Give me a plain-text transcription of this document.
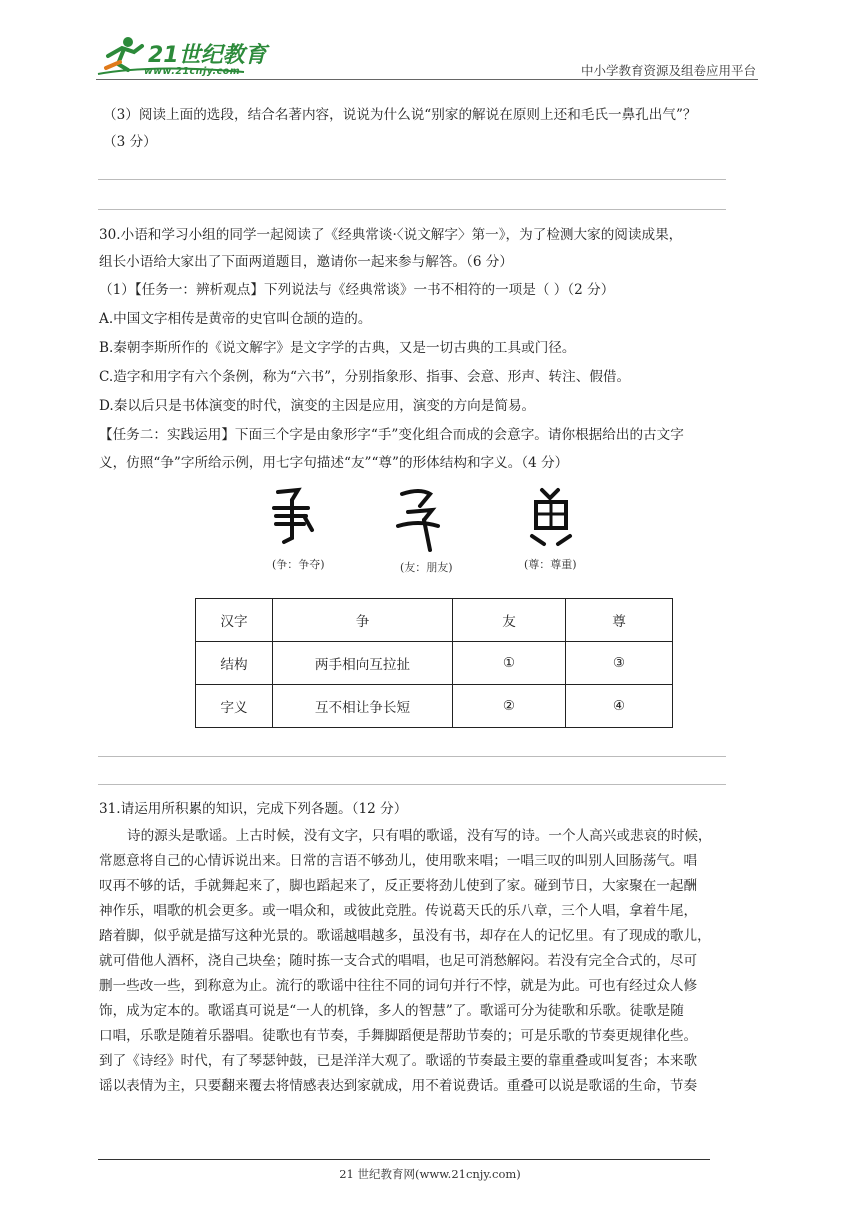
21世纪教育
www.21cnjy.com	中小学教育资源及组卷应用平台
（3）阅读上面的选段，结合名著内容，说说为什么说“别家的解说在原则上还和毛氏一鼻孔出气”？
（3 分）
30.小语和学习小组的同学一起阅读了《经典常谈·〈说文解字〉第一》，为了检测大家的阅读成果，
组长小语给大家出了下面两道题目，邀请你一起来参与解答。（6 分）
（1）【任务一：辨析观点】下列说法与《经典常谈》一书不相符的一项是（ ）（2 分）
A.中国文字相传是黄帝的史官叫仓颉的造的。
B.秦朝李斯所作的《说文解字》是文字学的古典，又是一切古典的工具或门径。
C.造字和用字有六个条例，称为“六书”，分别指象形、指事、会意、形声、转注、假借。
D.秦以后只是书体演变的时代，演变的主因是应用，演变的方向是简易。
【任务二：实践运用】下面三个字是由象形字“手”变化组合而成的会意字。请你根据给出的古文字
义，仿照“争”字所给示例，用七字句描述“友”“尊”的形体结构和字义。（4 分）
(争：争夺)	(友：朋友)	(尊：尊重)
汉字	争	友	尊
结构	两手相向互拉扯	①	③
字义	互不相让争长短	②	④
31.请运用所积累的知识，完成下列各题。（12 分）
诗的源头是歌谣。上古时候，没有文字，只有唱的歌谣，没有写的诗。一个人高兴或悲哀的时候，
常愿意将自己的心情诉说出来。日常的言语不够劲儿，使用歌来唱；一唱三叹的叫别人回肠荡气。唱
叹再不够的话，手就舞起来了，脚也蹈起来了，反正要将劲儿使到了家。碰到节日，大家聚在一起酬
神作乐，唱歌的机会更多。或一唱众和，或彼此竞胜。传说葛天氏的乐八章，三个人唱，拿着牛尾，
踏着脚，似乎就是描写这种光景的。歌谣越唱越多，虽没有书，却存在人的记忆里。有了现成的歌儿，
就可借他人酒杯，浇自己块垒；随时拣一支合式的唱唱，也足可消愁解闷。若没有完全合式的，尽可
删一些改一些，到称意为止。流行的歌谣中往往不同的词句并行不悖，就是为此。可也有经过众人修
饰，成为定本的。歌谣真可说是“一人的机锋，多人的智慧”了。歌谣可分为徒歌和乐歌。徒歌是随
口唱，乐歌是随着乐器唱。徒歌也有节奏，手舞脚蹈便是帮助节奏的；可是乐歌的节奏更规律化些。
到了《诗经》时代，有了琴瑟钟鼓，已是洋洋大观了。歌谣的节奏最主要的靠重叠或叫复沓；本来歌
谣以表情为主，只要翻来覆去将情感表达到家就成，用不着说费话。重叠可以说是歌谣的生命，节奏
21 世纪教育网(www.21cnjy.com)
